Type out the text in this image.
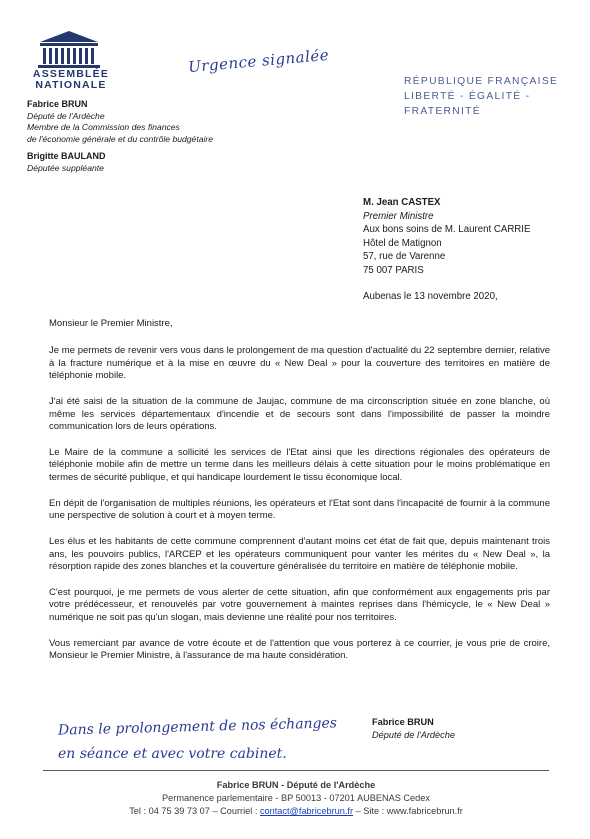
ASSEMBLÉE
NATIONALE
Fabrice BRUN
Député de l'Ardèche
Membre de la Commission des finances
de l'économie générale et du contrôle budgétaire
Brigitte BAULAND
Députée suppléante
Urgence signalée
RÉPUBLIQUE FRANÇAISE
LIBERTÉ - ÉGALITÉ - FRATERNITÉ
M. Jean CASTEX
Premier Ministre
Aux bons soins de M. Laurent CARRIE
Hôtel de Matignon
57, rue de Varenne
75 007 PARIS
Aubenas le 13 novembre 2020,

Monsieur le Premier Ministre,

Je me permets de revenir vers vous dans le prolongement de ma question d'actualité du 22 septembre dernier, relative à la fracture numérique et à la mise en œuvre du « New Deal » pour la couverture des territoires en matière de téléphonie mobile.

J'ai été saisi de la situation de la commune de Jaujac, commune de ma circonscription située en zone blanche, où même les services départementaux d'incendie et de secours sont dans l'impossibilité de passer la moindre communication lors de leurs opérations.

Le Maire de la commune a sollicité les services de l'Etat ainsi que les directions régionales des opérateurs de téléphonie mobile afin de mettre un terme dans les meilleurs délais à cette situation pour le moins problématique en termes de sécurité publique, et qui handicape lourdement le tissu économique local.

En dépit de l'organisation de multiples réunions, les opérateurs et l'Etat sont dans l'incapacité de fournir à la commune une perspective de solution à court et à moyen terme.

Les élus et les habitants de cette commune comprennent d'autant moins cet état de fait que, depuis maintenant trois ans, les pouvoirs publics, l'ARCEP et les opérateurs communiquent pour vanter les mérites du « New Deal », la résorption rapide des zones blanches et la couverture généralisée du territoire en matière de téléphonie mobile.

C'est pourquoi, je me permets de vous alerter de cette situation, afin que conformément aux engagements pris par votre prédécesseur, et renouvelés par votre gouvernement à maintes reprises dans l'hémicycle, le « New Deal » numérique ne soit pas qu'un slogan, mais devienne une réalité pour nos territoires.

Vous remerciant par avance de votre écoute et de l'attention que vous porterez à ce courrier, je vous prie de croire, Monsieur le Premier Ministre, à l'assurance de ma haute considération.

Dans le prolongement de nos échanges
en séance et avec votre cabinet.
Fabrice BRUN
Député de l'Ardèche
Fabrice BRUN - Député de l'Ardèche
Permanence parlementaire - BP 50013 - 07201 AUBENAS Cedex
Tel : 04 75 39 73 07 – Courriel : contact@fabricebrun.fr – Site : www.fabricebrun.fr
